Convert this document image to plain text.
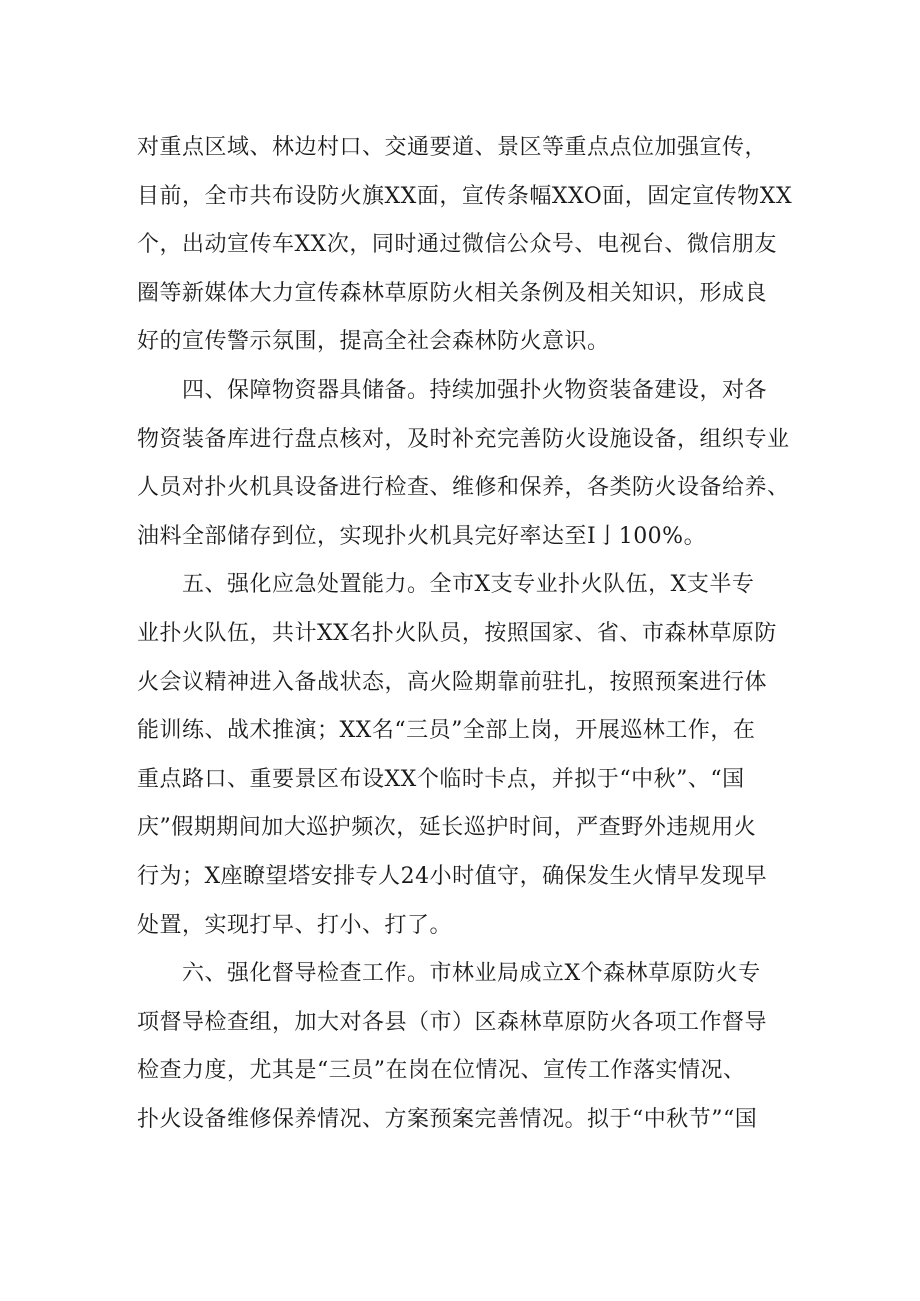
对重点区域、林边村口、交通要道、景区等重点点位加强宣传，
目前，全市共布设防火旗XX面，宣传条幅XXO面，固定宣传物XX
个，出动宣传车XX次，同时通过微信公众号、电视台、微信朋友
圈等新媒体大力宣传森林草原防火相关条例及相关知识，形成良
好的宣传警示氛围，提高全社会森林防火意识。

　　四、保障物资器具储备。持续加强扑火物资装备建设，对各
物资装备库进行盘点核对，及时补充完善防火设施设备，组织专业
人员对扑火机具设备进行检查、维修和保养，各类防火设备给养、
油料全部储存到位，实现扑火机具完好率达至I亅100%。

　　五、强化应急处置能力。全市X支专业扑火队伍，X支半专
业扑火队伍，共计XX名扑火队员，按照国家、省、市森林草原防
火会议精神进入备战状态，高火险期靠前驻扎，按照预案进行体
能训练、战术推演；XX名“三员”全部上岗，开展巡林工作，在
重点路口、重要景区布设XX个临时卡点，并拟于“中秋”、“国
庆”假期期间加大巡护频次，延长巡护时间，严查野外违规用火
行为；X座瞭望塔安排专人24小时值守，确保发生火情早发现早
处置，实现打早、打小、打了。

　　六、强化督导检查工作。市林业局成立X个森林草原防火专
项督导检查组，加大对各县（市）区森林草原防火各项工作督导
检查力度，尤其是“三员”在岗在位情况、宣传工作落实情况、
扑火设备维修保养情况、方案预案完善情况。拟于“中秋节”“国
